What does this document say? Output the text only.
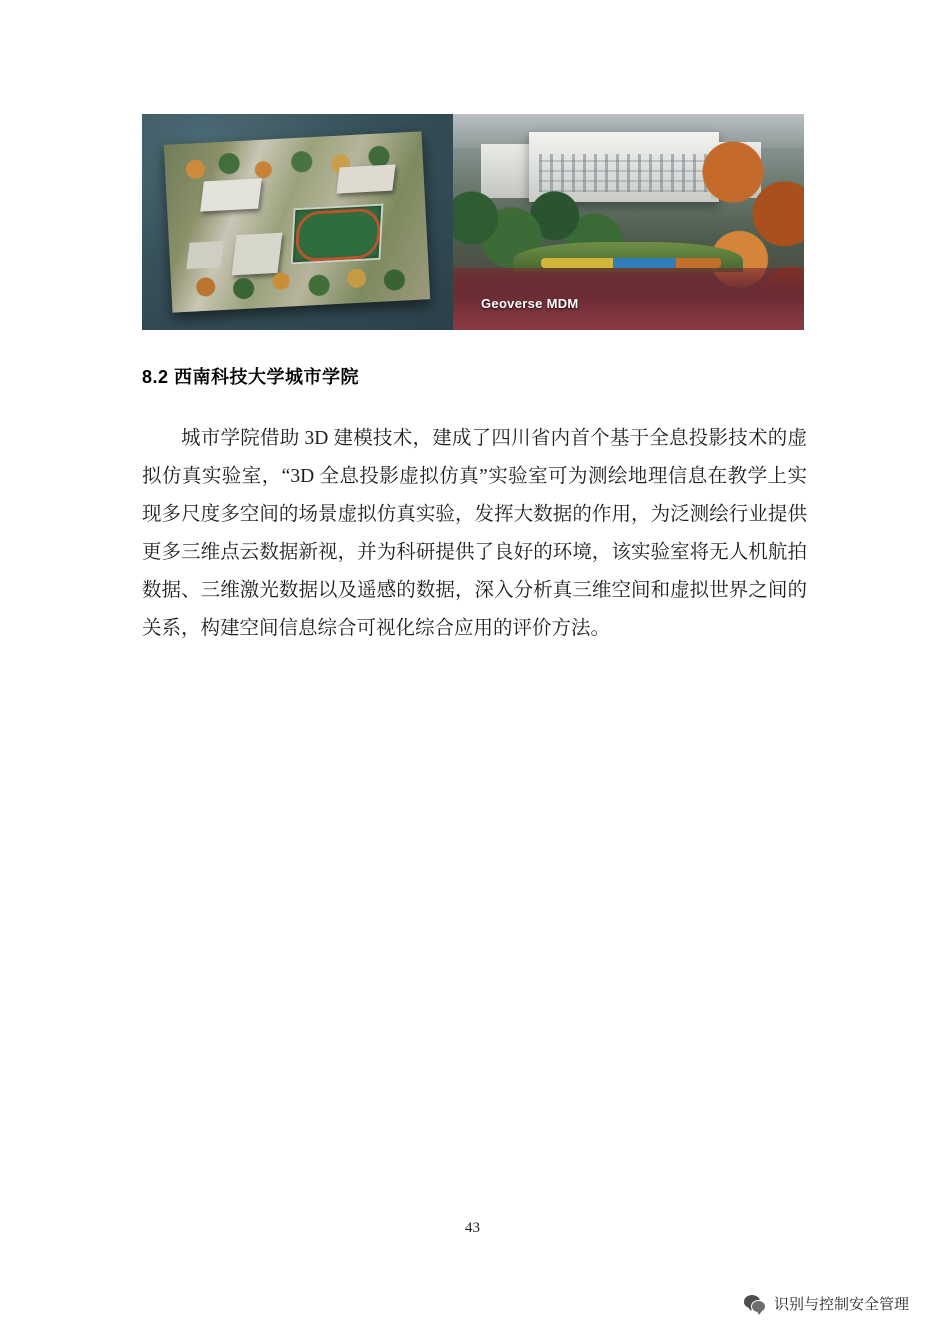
Geoverse MDM
8.2 西南科技大学城市学院
城市学院借助 3D 建模技术，建成了四川省内首个基于全息投影技术的虚拟仿真实验室，“3D 全息投影虚拟仿真”实验室可为测绘地理信息在教学上实现多尺度多空间的场景虚拟仿真实验，发挥大数据的作用，为泛测绘行业提供更多三维点云数据新视，并为科研提供了良好的环境，该实验室将无人机航拍数据、三维激光数据以及遥感的数据，深入分析真三维空间和虚拟世界之间的关系，构建空间信息综合可视化综合应用的评价方法。
43
识别与控制安全管理
